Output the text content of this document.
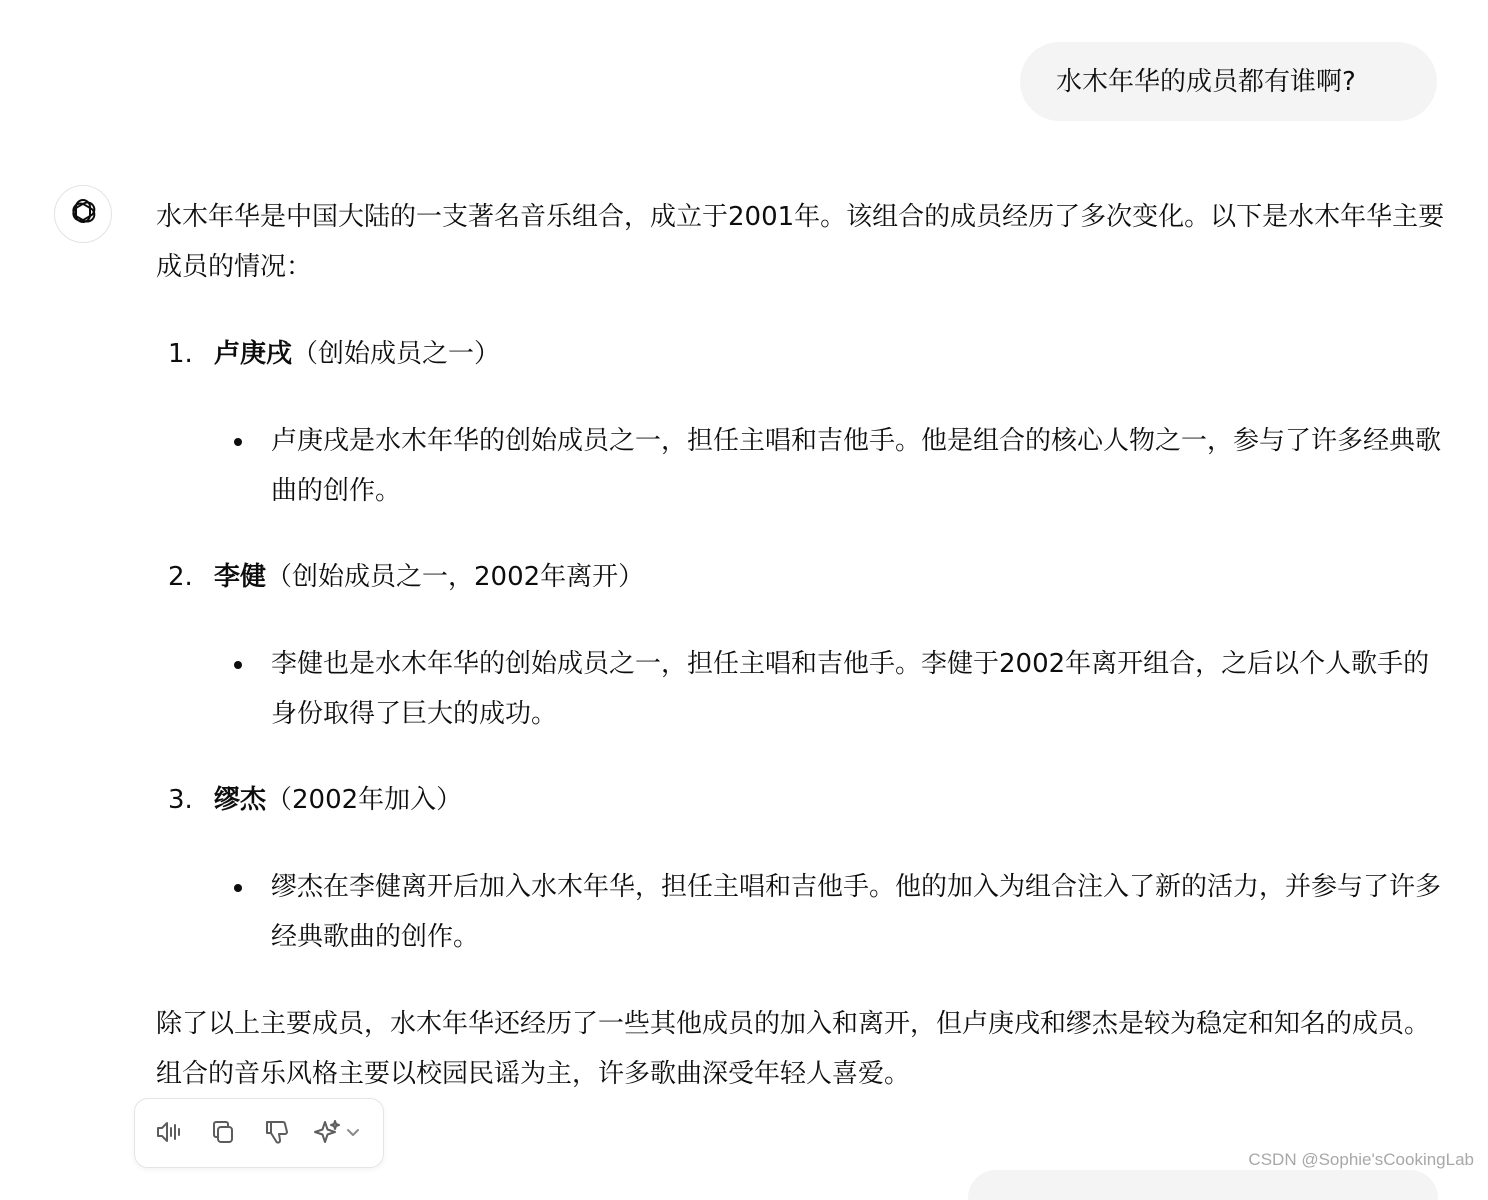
水木年华的成员都有谁啊?

水木年华是中国大陆的一支著名音乐组合，成立于2001年。该组合的成员经历了多次变化。以下是水木年华主要成员的情况：

1. 卢庚戌（创始成员之一）
卢庚戌是水木年华的创始成员之一，担任主唱和吉他手。他是组合的核心人物之一，参与了许多经典歌曲的创作。
2. 李健（创始成员之一，2002年离开）
李健也是水木年华的创始成员之一，担任主唱和吉他手。李健于2002年离开组合，之后以个人歌手的身份取得了巨大的成功。
3. 缪杰（2002年加入）
缪杰在李健离开后加入水木年华，担任主唱和吉他手。他的加入为组合注入了新的活力，并参与了许多经典歌曲的创作。

除了以上主要成员，水木年华还经历了一些其他成员的加入和离开，但卢庚戌和缪杰是较为稳定和知名的成员。组合的音乐风格主要以校园民谣为主，许多歌曲深受年轻人喜爱。

CSDN @Sophie'sCookingLab
